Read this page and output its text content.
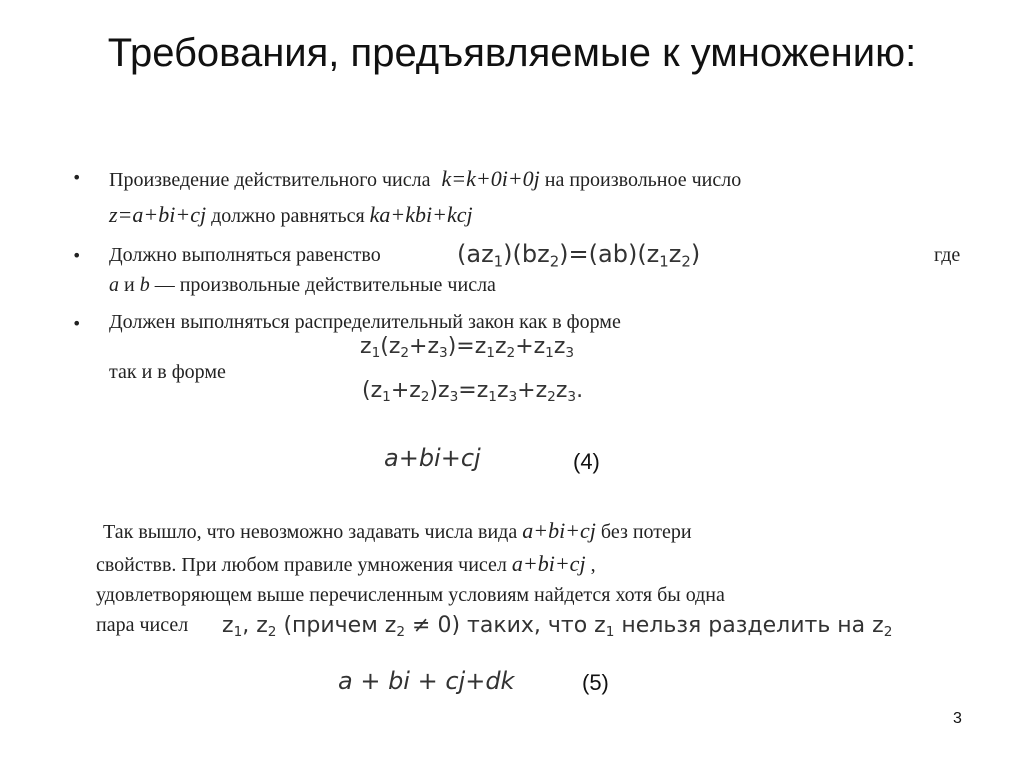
Требования, предъявляемые к умножению:
• Произведение действительного числа k=k+0i+0j на произвольное число
z=a+bi+cj должно равняться ka+kbi+kcj
• Должно выполняться равенство	$(az_1)(bz_2)=(ab)(z_1z_2)$	где
a и b — произвольные действительные числа
• Должен выполняться распределительный закон как в форме
$z_1(z_2+z_3)=z_1z_2+z_1z_3$
так и в форме
$(z_1+z_2)z_3=z_1z_3+z_2z_3$.
a+bi+cj	(4)
Так вышло, что невозможно задавать числа вида a+bi+cj без потери
свойствв. При любом правиле умножения чисел a+bi+cj ,
удовлетворяющем выше перечисленным условиям найдется хотя бы одна
пара чисел $z_1$, $z_2$ (причем $z_2 \ne 0$) таких, что $z_1$ нельзя разделить на $z_2$
a + bi + cj+dk	(5)
3
